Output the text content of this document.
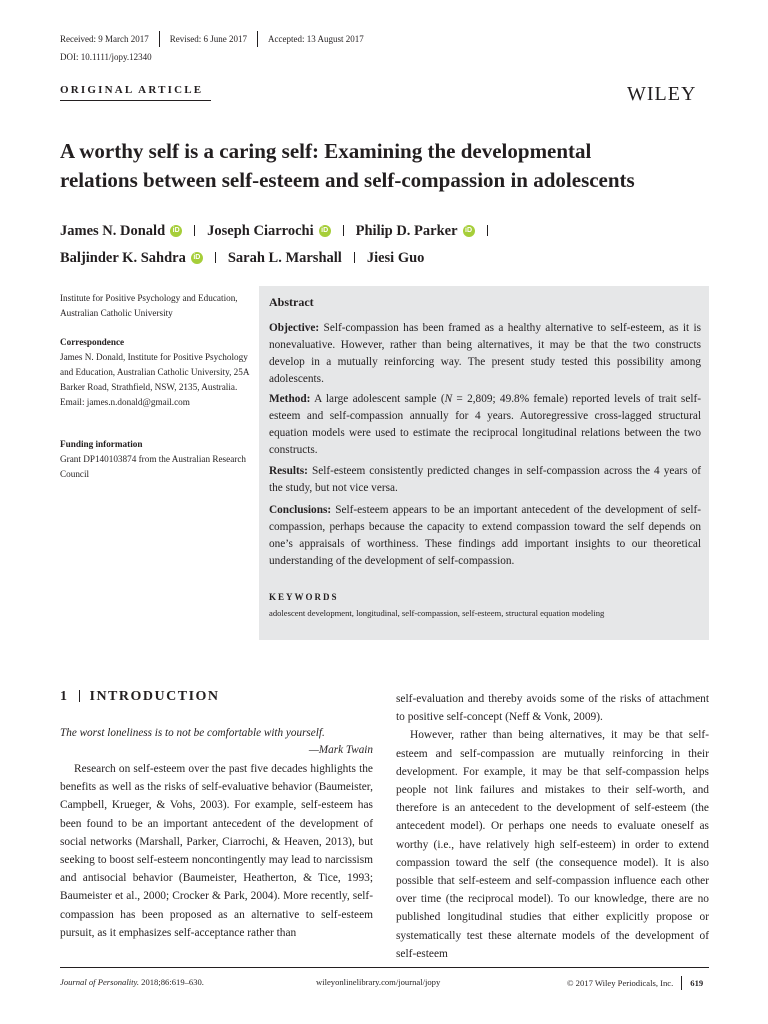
Received: 9 March 2017 Revised: 6 June 2017 Accepted: 13 August 2017
DOI: 10.1111/jopy.12340
ORIGINAL ARTICLE	WILEY
A worthy self is a caring self: Examining the developmental
relations between self-esteem and self-compassion in adolescents
James N. Donald iD Joseph Ciarrochi iD Philip D. Parker iD
Baljinder K. Sahdra iD Sarah L. Marshall Jiesi Guo
Institute for Positive Psychology and Education, Australian Catholic University
Correspondence
James N. Donald, Institute for Positive Psychology and Education, Australian Catholic University, 25A Barker Road, Strathfield, NSW, 2135, Australia.
Email: james.n.donald@gmail.com
Funding information
Grant DP140103874 from the Australian Research Council
Abstract
Objective: Self-compassion has been framed as a healthy alternative to self-esteem, as it is nonevaluative. However, rather than being alternatives, it may be that the two constructs develop in a mutually reinforcing way. The present study tested this possibility among adolescents.
Method: A large adolescent sample (N = 2,809; 49.8% female) reported levels of trait self-esteem and self-compassion annually for 4 years. Autoregressive cross-lagged structural equation models were used to estimate the reciprocal longitudinal relations between the two constructs.
Results: Self-esteem consistently predicted changes in self-compassion across the 4 years of the study, but not vice versa.
Conclusions: Self-esteem appears to be an important antecedent of the development of self-compassion, perhaps because the capacity to extend compassion toward the self depends on one’s appraisals of worthiness. These findings add important insights to our theoretical understanding of the development of self-compassion.
KEYWORDS
adolescent development, longitudinal, self-compassion, self-esteem, structural equation modeling
1 INTRODUCTION
The worst loneliness is to not be comfortable with yourself.
—Mark Twain

Research on self-esteem over the past five decades highlights the benefits as well as the risks of self-evaluative behavior (Baumeister, Campbell, Krueger, & Vohs, 2003). For example, self-esteem has been found to be an important antecedent of the development of social networks (Marshall, Parker, Ciarrochi, & Heaven, 2013), but seeking to boost self-esteem noncontingently may lead to narcissism and antisocial behavior (Baumeister, Heatherton, & Tice, 1993; Baumeister et al., 2000; Crocker & Park, 2004). More recently, self-compassion has been proposed as an alternative to self-esteem pursuit, as it emphasizes self-acceptance rather than

self-evaluation and thereby avoids some of the risks of attachment to positive self-concept (Neff & Vonk, 2009).

However, rather than being alternatives, it may be that self-esteem and self-compassion are mutually reinforcing in their development. For example, it may be that self-compassion helps people not link failures and mistakes to their self-worth, and therefore is an antecedent to the development of self-esteem (the antecedent model). Or perhaps one needs to evaluate oneself as worthy (i.e., have relatively high self-esteem) in order to extend compassion toward the self (the consequence model). It is also possible that self-esteem and self-compassion influence each other over time (the reciprocal model). To our knowledge, there are no published longitudinal studies that either explicitly propose or systematically test these alternate models of the development of self-esteem

Journal of Personality. 2018;86:619–630.	wileyonlinelibrary.com/journal/jopy	© 2017 Wiley Periodicals, Inc. 619
